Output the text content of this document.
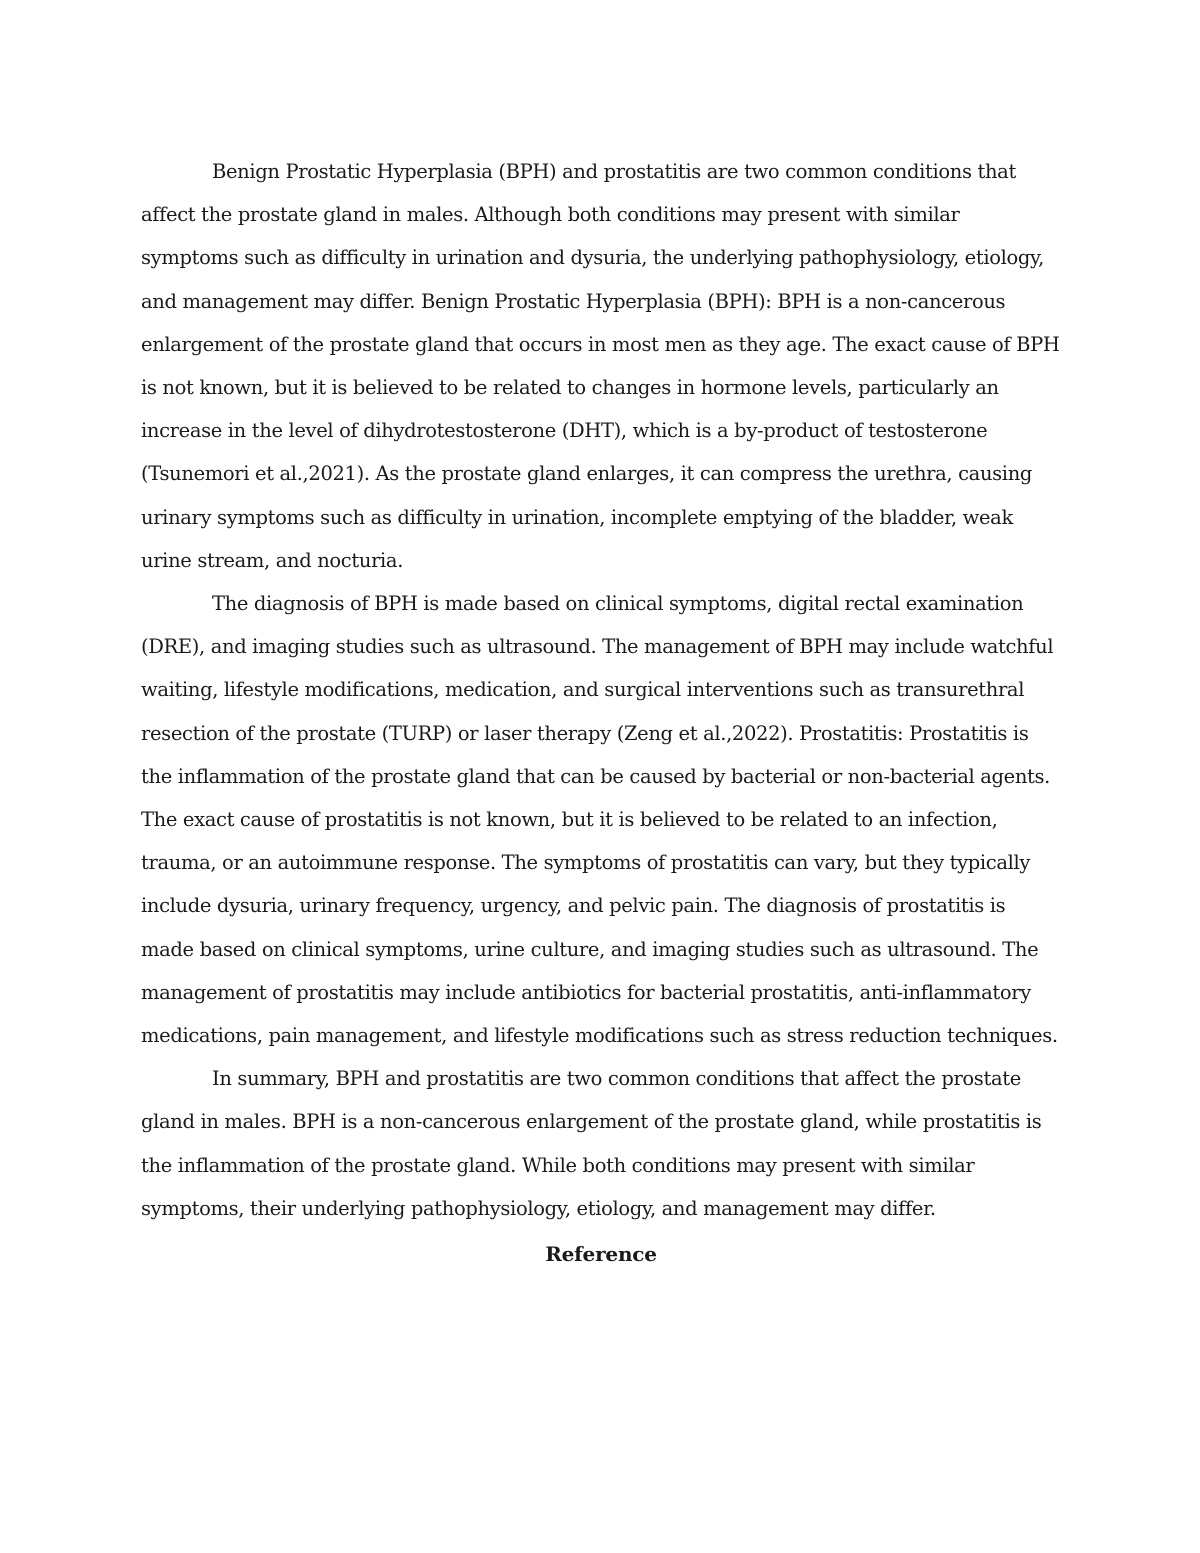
Benign Prostatic Hyperplasia (BPH) and prostatitis are two common conditions that affect the prostate gland in males. Although both conditions may present with similar symptoms such as difficulty in urination and dysuria, the underlying pathophysiology, etiology, and management may differ. Benign Prostatic Hyperplasia (BPH): BPH is a non-cancerous enlargement of the prostate gland that occurs in most men as they age. The exact cause of BPH is not known, but it is believed to be related to changes in hormone levels, particularly an increase in the level of dihydrotestosterone (DHT), which is a by-product of testosterone (Tsunemori et al.,2021). As the prostate gland enlarges, it can compress the urethra, causing urinary symptoms such as difficulty in urination, incomplete emptying of the bladder, weak urine stream, and nocturia.

The diagnosis of BPH is made based on clinical symptoms, digital rectal examination (DRE), and imaging studies such as ultrasound. The management of BPH may include watchful waiting, lifestyle modifications, medication, and surgical interventions such as transurethral resection of the prostate (TURP) or laser therapy (Zeng et al.,2022). Prostatitis: Prostatitis is the inflammation of the prostate gland that can be caused by bacterial or non-bacterial agents. The exact cause of prostatitis is not known, but it is believed to be related to an infection, trauma, or an autoimmune response. The symptoms of prostatitis can vary, but they typically include dysuria, urinary frequency, urgency, and pelvic pain. The diagnosis of prostatitis is made based on clinical symptoms, urine culture, and imaging studies such as ultrasound. The management of prostatitis may include antibiotics for bacterial prostatitis, anti-inflammatory medications, pain management, and lifestyle modifications such as stress reduction techniques.

In summary, BPH and prostatitis are two common conditions that affect the prostate gland in males. BPH is a non-cancerous enlargement of the prostate gland, while prostatitis is the inflammation of the prostate gland. While both conditions may present with similar symptoms, their underlying pathophysiology, etiology, and management may differ.

Reference
